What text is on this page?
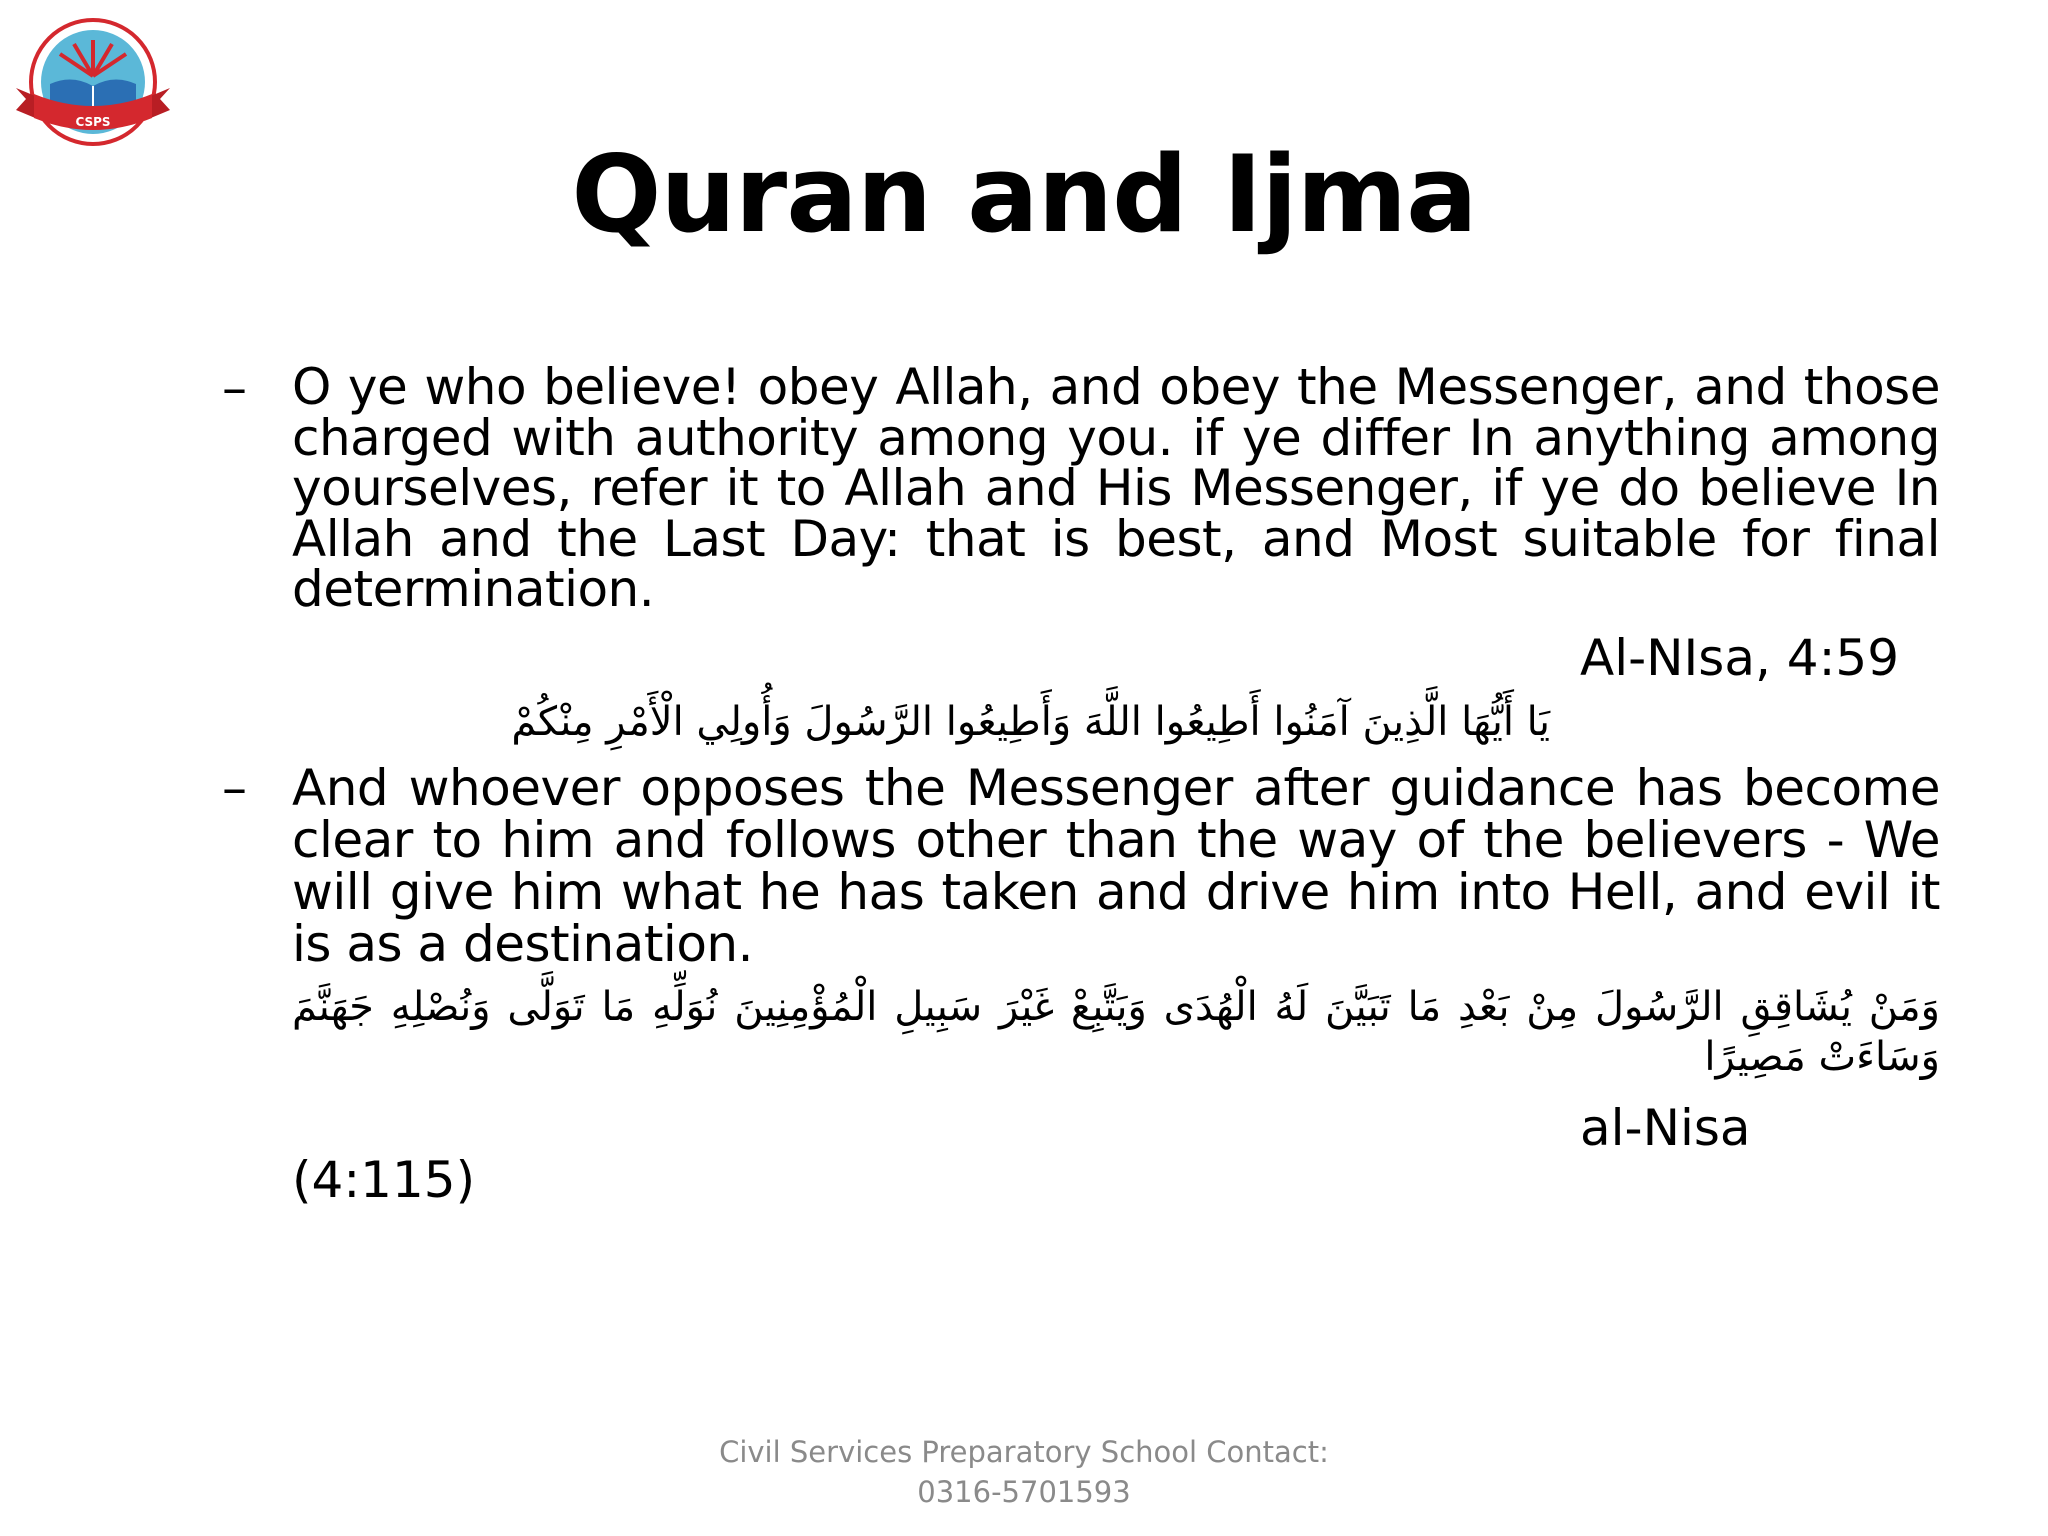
CSPS
Quran and Ijma
– O ye who believe! obey Allah, and obey the Messenger, and those charged with authority among you. if ye differ In anything among yourselves, refer it to Allah and His Messenger, if ye do believe In Allah and the Last Day: that is best, and Most suitable for final determination.
Al-NIsa, 4:59
يَا أَيُّهَا الَّذِينَ آمَنُوا أَطِيعُوا اللَّهَ وَأَطِيعُوا الرَّسُولَ وَأُولِي الْأَمْرِ مِنْكُمْ
– And whoever opposes the Messenger after guidance has become clear to him and follows other than the way of the believers - We will give him what he has taken and drive him into Hell, and evil it is as a destination.
وَمَنْ يُشَاقِقِ الرَّسُولَ مِنْ بَعْدِ مَا تَبَيَّنَ لَهُ الْهُدَى وَيَتَّبِعْ غَيْرَ سَبِيلِ الْمُؤْمِنِينَ نُوَلِّهِ مَا تَوَلَّى وَنُصْلِهِ جَهَنَّمَ وَسَاءَتْ مَصِيرًا
al-Nisa
(4:115)
Civil Services Preparatory School Contact:
0316-5701593
